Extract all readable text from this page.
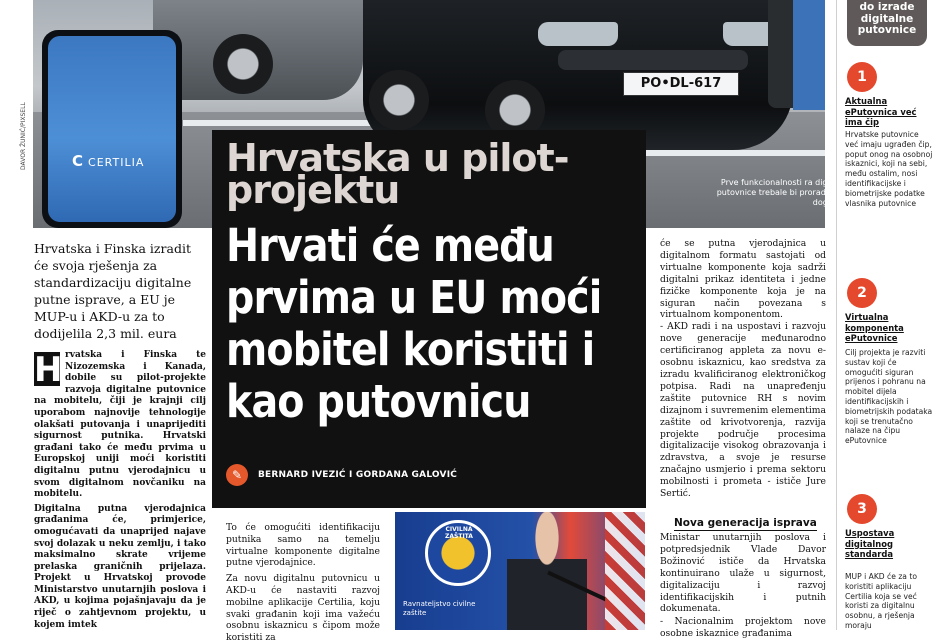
PO•DL-617
Prve funkcionalnosti ra digitalne putovnice trebale bi proraditi već dogodine
DAVOR ŽUNIĆ/PIXSELL	C CERTILIA Hrvatska u pilot-projektu
Hrvati će među prvima u EU moći mobitel koristiti i kao putovnicu
✎	BERNARD IVEZIĆ I GORDANA GALOVIĆ
Hrvatska i Finska izradit će svoja rješenja za standardizaciju digitalne putne isprave, a EU je MUP-u i AKD-u za to dodijelila 2,3 mil. eura
H rvatska i Finska te Nizozemska i Kanada, dobile su pilot-projekte razvoja digitalne putovnice na mobitelu, čiji je krajnji cilj uporabom najnovije tehnologije olakšati putovanja i unaprijediti sigurnost putnika. Hrvatski građani tako će među prvima u Europskoj uniji moći koristiti digitalnu putnu vjerodajnicu u svom digitalnom novčaniku na mobitelu.

Digitalna putna vjerodajnica građanima će, primjerice, omogućavati da unaprijed najave svoj dolazak u neku zemlju, i tako maksimalno skrate vrijeme prelaska graničnih prijelaza. Projekt u Hrvatskoj provode Ministarstvo unutarnjih poslova i AKD, u kojima pojašnjavaju da je riječ o zahtjevnom projektu, u kojem imtek

To će omogućiti identifikaciju putnika samo na temelju virtualne komponente digitalne putne vjerodajnice.

Za novu digitalnu putovnicu u AKD-u će nastaviti razvoj mobilne aplikacije Certilia, koju svaki građanin koji ima važeću osobnu iskaznicu s čipom može koristiti za

CIVILNA ZAŠTITA
Ravnateljstvo civilne zaštite

će se putna vjerodajnica u digitalnom formatu sastojati od virtualne komponente koja sadrži digitalni prikaz identiteta i jedne fizičke komponente koja je na siguran način povezana s virtualnom komponentom.

- AKD radi i na uspostavi i razvoju nove generacije međunarodno certificiranog appleta za novu e-osobnu iskaznicu, kao sredstva za izradu kvalificiranog elektroničkog potpisa. Radi na unapređenju zaštite putovnice RH s novim dizajnom i suvremenim elementima zaštite od krivotvorenja, razvija projekte područje procesima digitalizacije visokog obrazovanja i zdravstva, a svoje je resurse značajno usmjerio i prema sektoru mobilnosti i prometa - ističe Jure Sertić.

Nova generacija isprava

Ministar unutarnjih poslova i potpredsjednik Vlade Davor Božinović ističe da Hrvatska kontinuirano ulaže u sigurnost, digitalizaciju i razvoj identifikacijskih i putnih dokumenata.

- Nacionalnim projektom nove osobne iskaznice građanima

do izrade digitalne putovnice
1
Aktualna ePutovnica već ima čip
Hrvatske putovnice već imaju ugrađen čip, poput onog na osobnoj iskaznici, koji na sebi, među ostalim, nosi identifikacijske i biometrijske podatke vlasnika putovnice
2
Virtualna komponenta ePutovnice
Cilj projekta je razviti sustav koji će omogućiti siguran prijenos i pohranu na mobitel dijela identifikacijskih i biometrijskih podataka koji se trenutačno nalaze na čipu ePutovnice
3
Uspostava digitalnog standarda
MUP i AKD će za to koristiti aplikaciju Certilia koja se već koristi za digitalnu osobnu, a rješenja moraju
